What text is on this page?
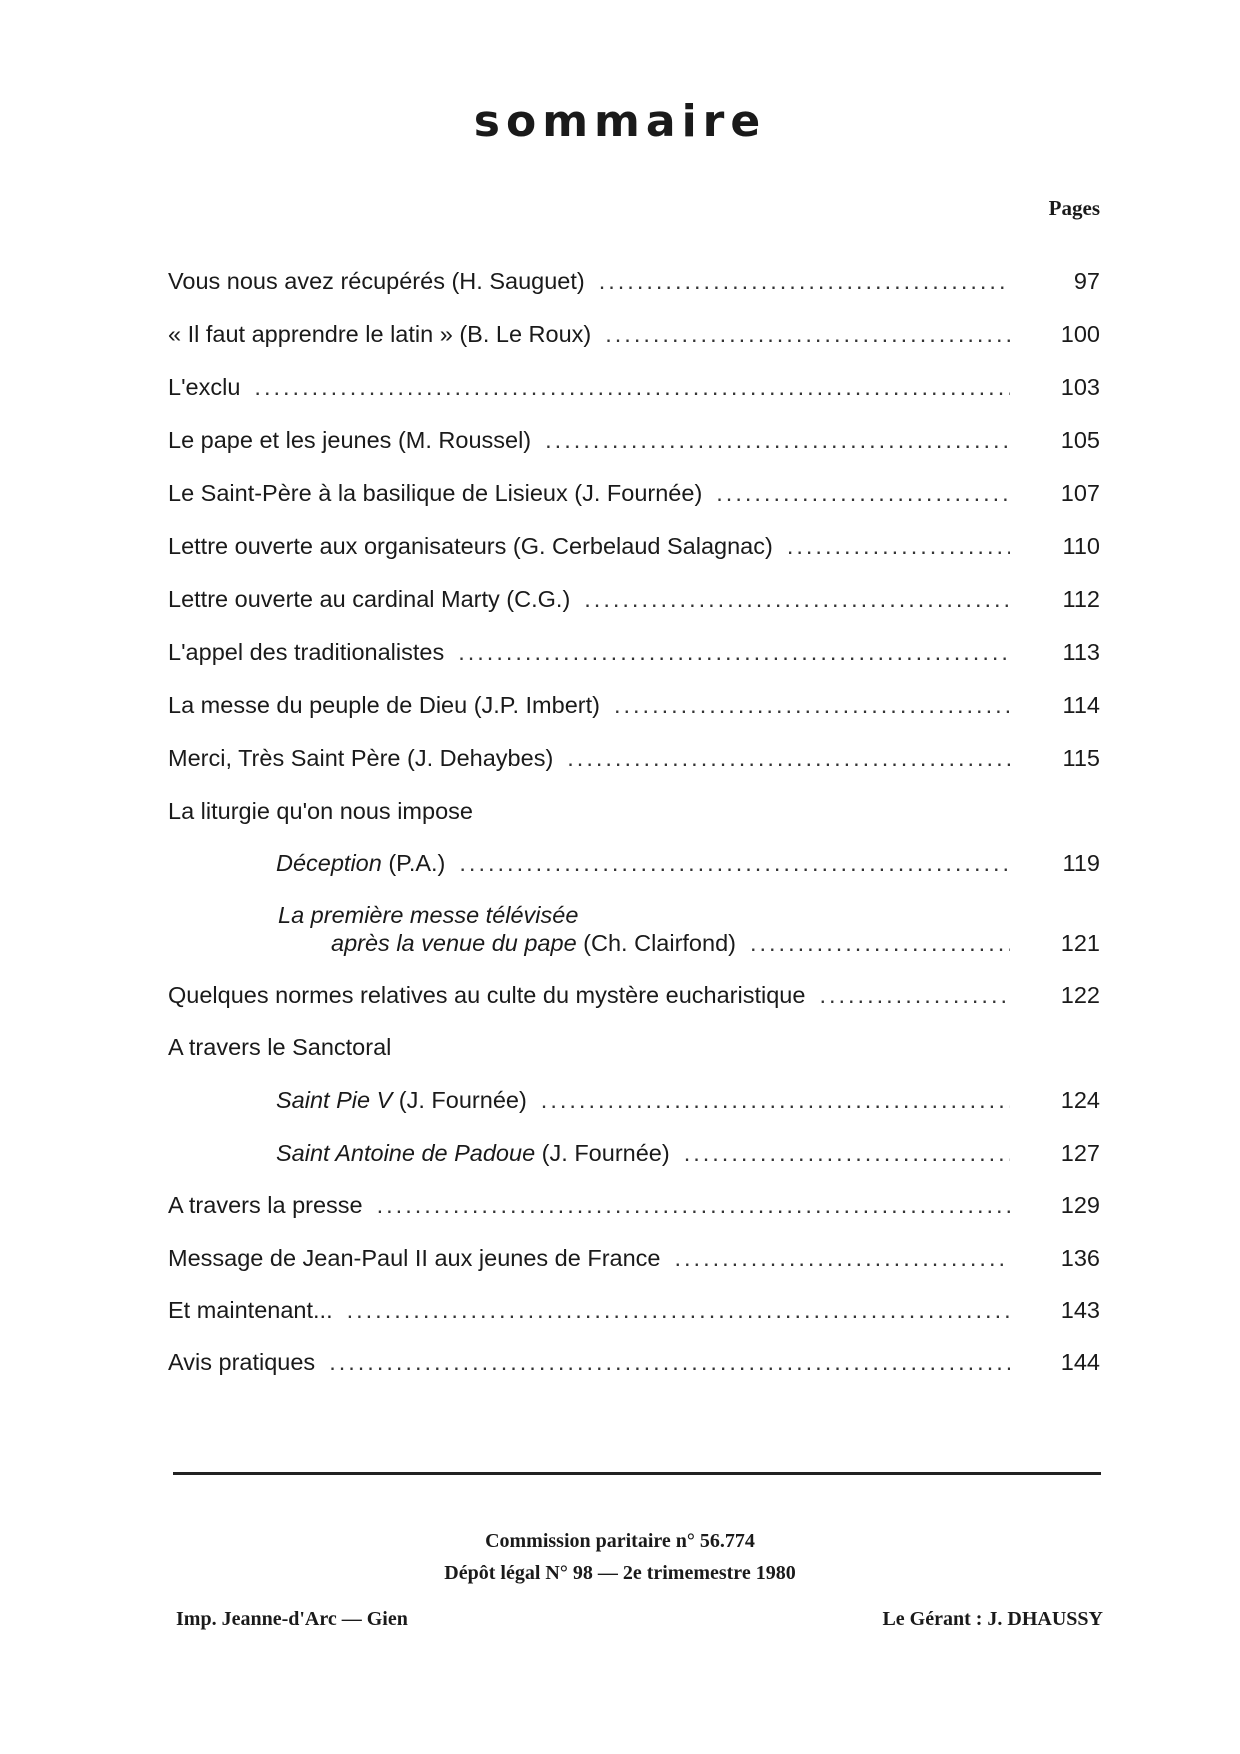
sommaire
Pages
Vous nous avez récupérés (H. Sauguet) .....	97
« Il faut apprendre le latin » (B. Le Roux) .....	100
L'exclu .....	103
Le pape et les jeunes (M. Roussel) .....	105
Le Saint-Père à la basilique de Lisieux (J. Fournée) .....	107
Lettre ouverte aux organisateurs (G. Cerbelaud Salagnac) .....	110
Lettre ouverte au cardinal Marty (C.G.) .....	112
L'appel des traditionalistes .....	113
La messe du peuple de Dieu (J.P. Imbert) .....	114
Merci, Très Saint Père (J. Dehaybes) .....	115
La liturgie qu'on nous impose
Déception (P.A.) .....	119
La première messe télévisée
après la venue du pape (Ch. Clairfond) .....	121
Quelques normes relatives au culte du mystère eucharistique .....	122
A travers le Sanctoral
Saint Pie V (J. Fournée) .....	124
Saint Antoine de Padoue (J. Fournée) .....	127
A travers la presse .....	129
Message de Jean-Paul II aux jeunes de France .....	136
Et maintenant... .....	143
Avis pratiques .....	144
Commission paritaire n° 56.774
Dépôt légal N° 98 — 2e trimemestre 1980
Imp. Jeanne-d'Arc — Gien	Le Gérant : J. DHAUSSY
